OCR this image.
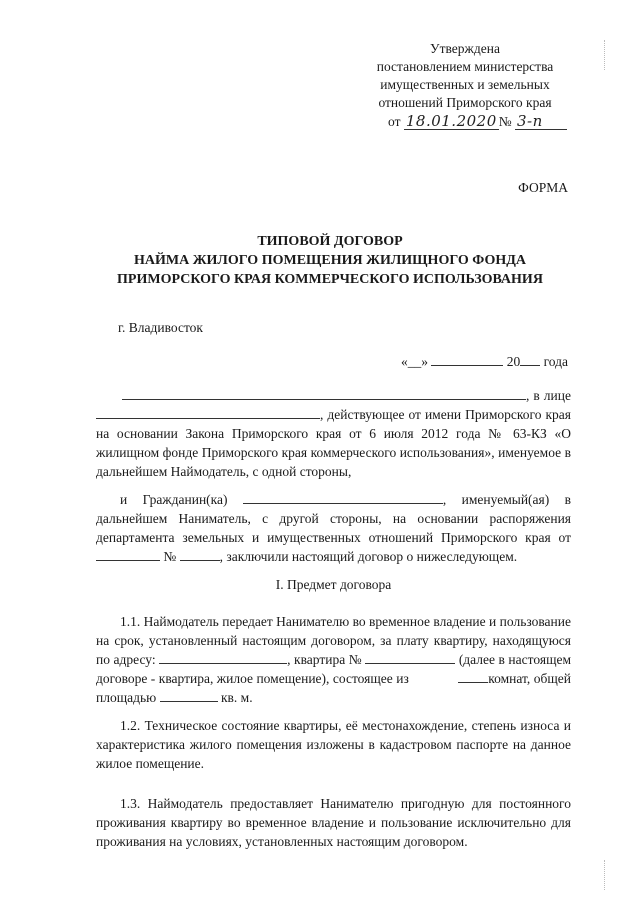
Утверждена
постановлением министерства
имущественных и земельных
отношений Приморского края
от 18.01.2020 № 3-п
ФОРМА
ТИПОВОЙ ДОГОВОР
НАЙМА ЖИЛОГО ПОМЕЩЕНИЯ ЖИЛИЩНОГО ФОНДА
ПРИМОРСКОГО КРАЯ КОММЕРЧЕСКОГО ИСПОЛЬЗОВАНИЯ
г. Владивосток
«__»	20 года
, в лице , действующее от имени Приморского края на основании Закона Приморского края от 6 июля 2012 года № 63-КЗ «О жилищном фонде Приморского края коммерческого использования», именуемое в дальнейшем Наймодатель, с одной стороны,
и Гражданин(ка)	, именуемый(ая) в дальнейшем Наниматель, с другой стороны, на основании распоряжения департамента земельных и имущественных отношений Приморского края от  №	, заключили настоящий договор о нижеследующем.
I. Предмет договора
1.1. Наймодатель передает Нанимателю во временное владение и пользование на срок, установленный настоящим договором, за плату квартиру, находящуюся по адресу:	, квартира №	(далее в настоящем договоре - квартира, жилое помещение), состоящее из	комнат, общей площадью	кв. м.
1.2. Техническое состояние квартиры, её местонахождение, степень износа и характеристика жилого помещения изложены в кадастровом паспорте на данное жилое помещение.
1.3. Наймодатель предоставляет Нанимателю пригодную для постоянного проживания квартиру во временное владение и пользование исключительно для проживания на условиях, установленных настоящим договором.
